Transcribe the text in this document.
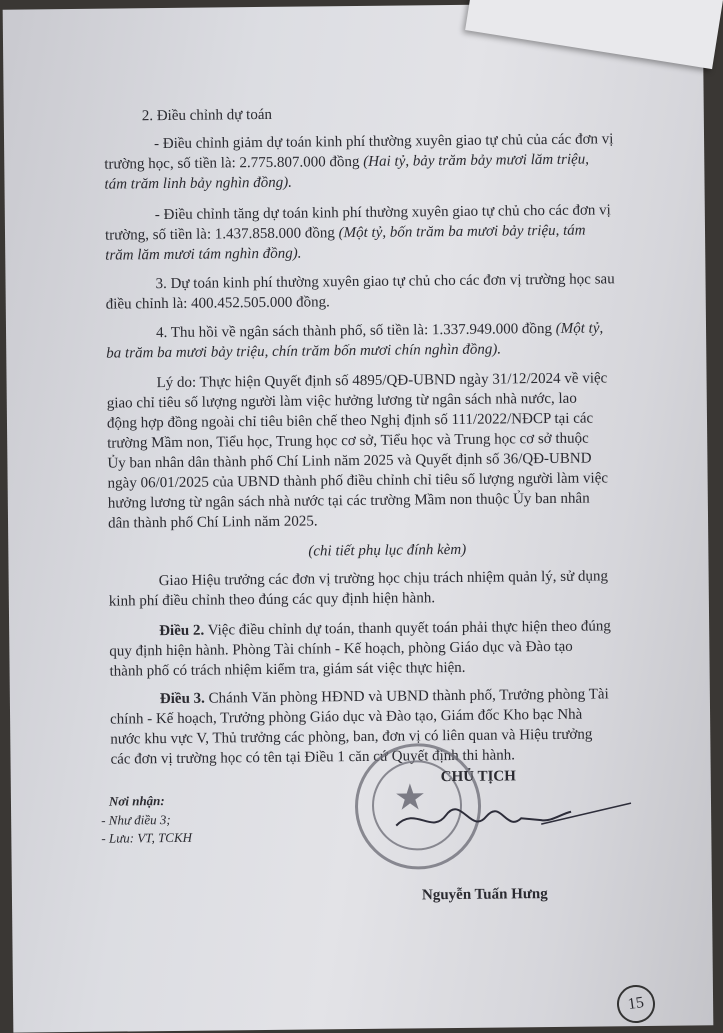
2. Điều chỉnh dự toán
- Điều chỉnh giảm dự toán kinh phí thường xuyên giao tự chủ của các đơn vị
trường học, số tiền là: 2.775.807.000 đồng (Hai tỷ, bảy trăm bảy mươi lăm triệu,
tám trăm linh bảy nghìn đồng).
- Điều chỉnh tăng dự toán kinh phí thường xuyên giao tự chủ cho các đơn vị
trường, số tiền là: 1.437.858.000 đồng (Một tỷ, bốn trăm ba mươi bảy triệu, tám
trăm lăm mươi tám nghìn đồng).
3. Dự toán kinh phí thường xuyên giao tự chủ cho các đơn vị trường học sau
điều chỉnh là: 400.452.505.000 đồng.
4. Thu hồi về ngân sách thành phố, số tiền là: 1.337.949.000 đồng (Một tỷ,
ba trăm ba mươi bảy triệu, chín trăm bốn mươi chín nghìn đồng).
Lý do: Thực hiện Quyết định số 4895/QĐ-UBND ngày 31/12/2024 về việc
giao chỉ tiêu số lượng người làm việc hưởng lương từ ngân sách nhà nước, lao
động hợp đồng ngoài chỉ tiêu biên chế theo Nghị định số 111/2022/NĐCP tại các
trường Mầm non, Tiểu học, Trung học cơ sở, Tiểu học và Trung học cơ sở thuộc
Ủy ban nhân dân thành phố Chí Linh năm 2025 và Quyết định số 36/QĐ-UBND
ngày 06/01/2025 của UBND thành phố điều chỉnh chỉ tiêu số lượng người làm việc
hưởng lương từ ngân sách nhà nước tại các trường Mầm non thuộc Ủy ban nhân
dân thành phố Chí Linh năm 2025.
(chi tiết phụ lục đính kèm)
Giao Hiệu trưởng các đơn vị trường học chịu trách nhiệm quản lý, sử dụng
kinh phí điều chỉnh theo đúng các quy định hiện hành.
Điều 2. Việc điều chỉnh dự toán, thanh quyết toán phải thực hiện theo đúng
quy định hiện hành. Phòng Tài chính - Kế hoạch, phòng Giáo dục và Đào tạo
thành phố có trách nhiệm kiểm tra, giám sát việc thực hiện.
Điều 3. Chánh Văn phòng HĐND và UBND thành phố, Trưởng phòng Tài
chính - Kế hoạch, Trưởng phòng Giáo dục và Đào tạo, Giám đốc Kho bạc Nhà
nước khu vực V, Thủ trưởng các phòng, ban, đơn vị có liên quan và Hiệu trưởng
các đơn vị trường học có tên tại Điều 1 căn cứ Quyết định thi hành.
Nơi nhận:
- Như điều 3;
- Lưu: VT, TCKH
★
CHỦ TỊCH
Nguyễn Tuấn Hưng
15
